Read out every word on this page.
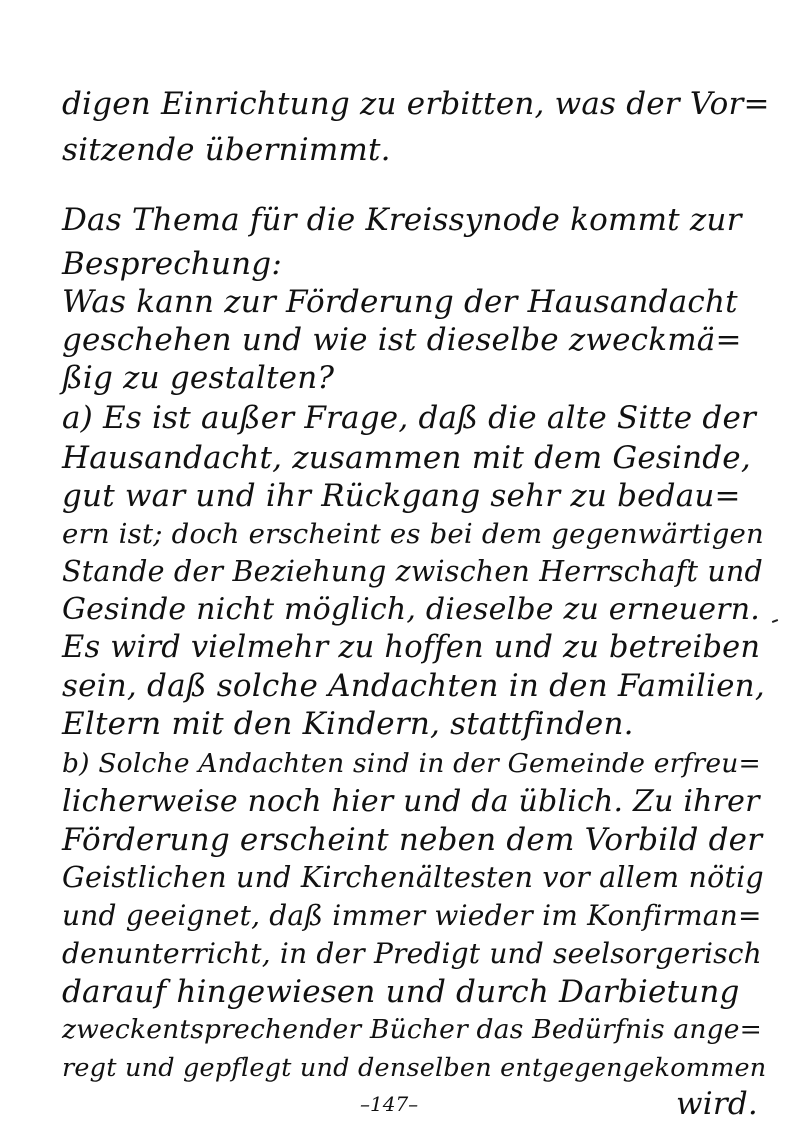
digen Einrichtung zu erbitten, was der Vor=
sitzende übernimmt.
Das Thema für die Kreissynode kommt zur
Besprechung:
Was kann zur Förderung der Hausandacht
geschehen und wie ist dieselbe zweckmä=
ßig zu gestalten?
a) Es ist außer Frage, daß die alte Sitte der
Hausandacht, zusammen mit dem Gesinde,
gut war und ihr Rückgang sehr zu bedau=
ern ist; doch erscheint es bei dem gegenwärtigen
Stande der Beziehung zwischen Herrschaft und
Gesinde nicht möglich, dieselbe zu erneuern.
Es wird vielmehr zu hoffen und zu betreiben
sein, daß solche Andachten in den Familien,
Eltern mit den Kindern, stattfinden.
b) Solche Andachten sind in der Gemeinde erfreu=
licherweise noch hier und da üblich. Zu ihrer
Förderung erscheint neben dem Vorbild der
Geistlichen und Kirchenältesten vor allem nötig
und geeignet, daß immer wieder im Konfirman=
denunterricht, in der Predigt und seelsorgerisch
darauf hingewiesen und durch Darbietung
zweckentsprechender Bücher das Bedürfnis ange=
regt und gepflegt und denselben entgegengekommen
wird.
–147–
